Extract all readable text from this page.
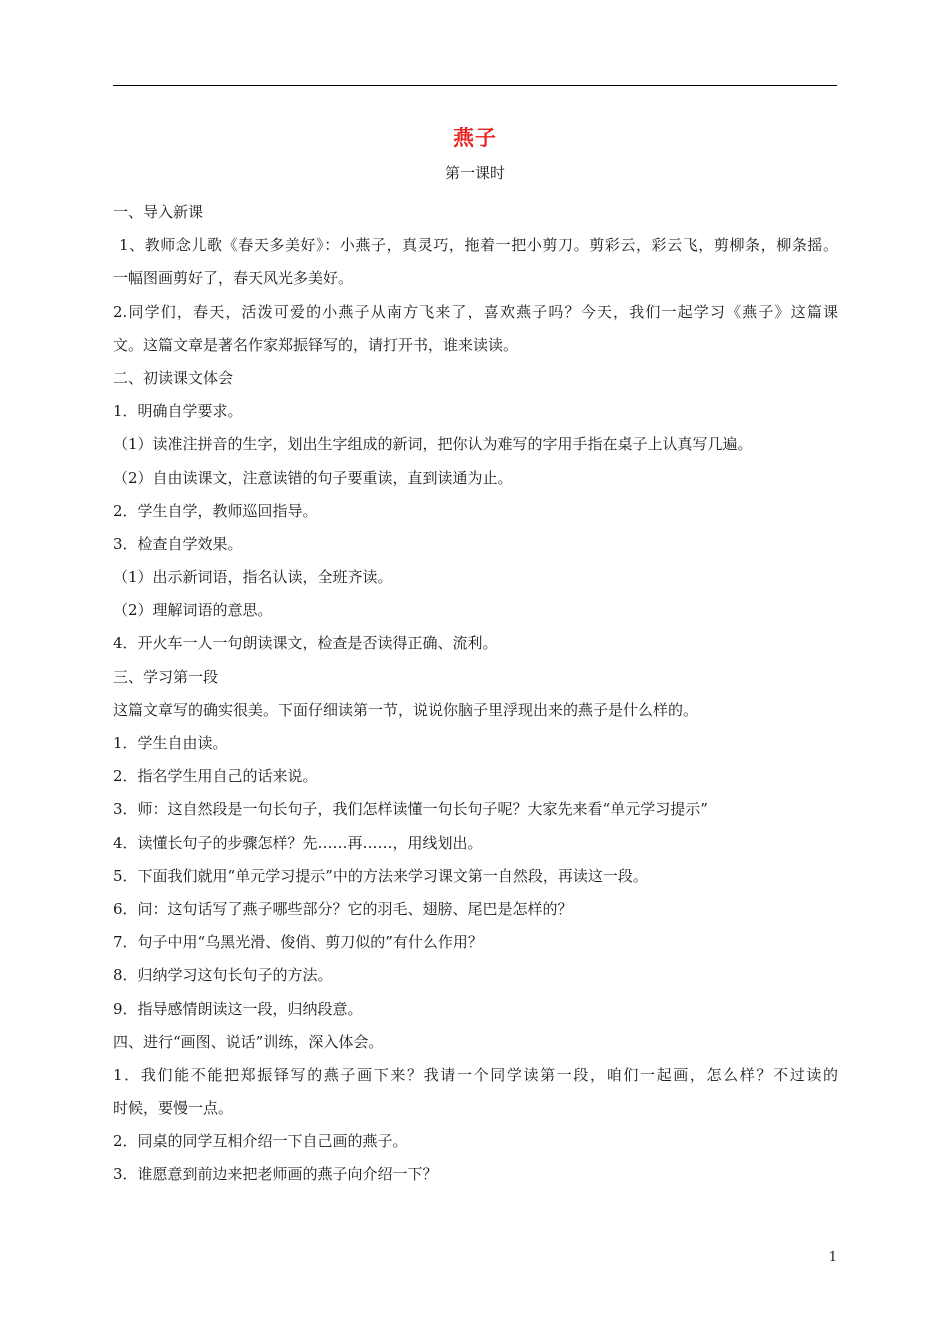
燕子
第一课时
一、导入新课
1、教师念儿歌《春天多美好》：小燕子，真灵巧，拖着一把小剪刀。剪彩云，彩云飞，剪柳条，柳条摇。
一幅图画剪好了，春天风光多美好。
2.同学们，春天，活泼可爱的小燕子从南方飞来了，喜欢燕子吗？今天，我们一起学习《燕子》这篇课
文。这篇文章是著名作家郑振铎写的，请打开书，谁来读读。
二、初读课文体会
1．明确自学要求。
（1）读准注拼音的生字，划出生字组成的新词，把你认为难写的字用手指在桌子上认真写几遍。
（2）自由读课文，注意读错的句子要重读，直到读通为止。
2．学生自学，教师巡回指导。
3．检查自学效果。
（1）出示新词语，指名认读，全班齐读。
（2）理解词语的意思。
4．开火车一人一句朗读课文，检查是否读得正确、流利。
三、学习第一段
这篇文章写的确实很美。下面仔细读第一节，说说你脑子里浮现出来的燕子是什么样的。
1．学生自由读。
2．指名学生用自己的话来说。
3．师：这自然段是一句长句子，我们怎样读懂一句长句子呢？大家先来看“单元学习提示”
4．读懂长句子的步骤怎样？先……再……，用线划出。
5．下面我们就用“单元学习提示”中的方法来学习课文第一自然段，再读这一段。
6．问：这句话写了燕子哪些部分？它的羽毛、翅膀、尾巴是怎样的？
7．句子中用“乌黑光滑、俊俏、剪刀似的”有什么作用？
8．归纳学习这句长句子的方法。
9．指导感情朗读这一段，归纳段意。
四、进行“画图、说话”训练，深入体会。
1．我们能不能把郑振铎写的燕子画下来？我请一个同学读第一段，咱们一起画，怎么样？不过读的
时候，要慢一点。
2．同桌的同学互相介绍一下自己画的燕子。
3．谁愿意到前边来把老师画的燕子向介绍一下？
1
